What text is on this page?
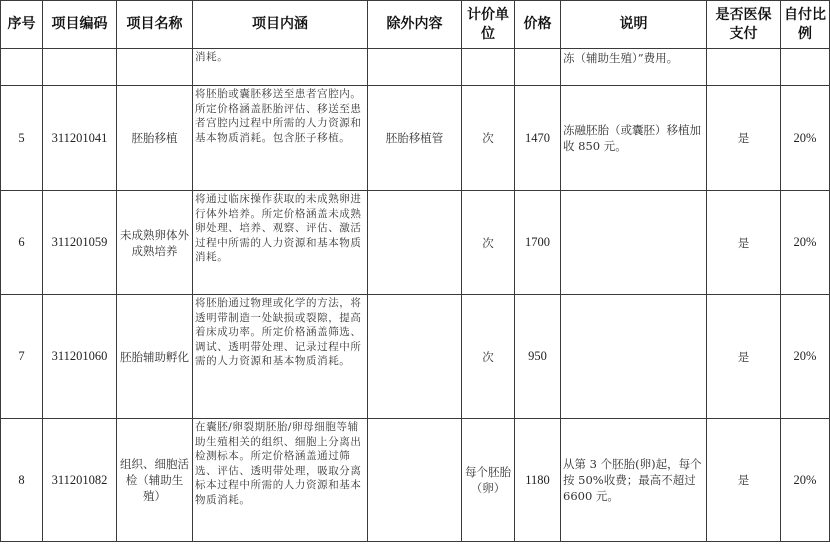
序号	项目编码	项目名称	项目内涵	除外内容	计价单位	价格	说明	是否医保支付	自付比例
			消耗。				冻（辅助生殖）”费用。		
5	311201041	胚胎移植	将胚胎或囊胚移送至患者宫腔内。所定价格涵盖胚胎评估、移送至患者宫腔内过程中所需的人力资源和基本物质消耗。包含胚子移植。	胚胎移植管	次	1470	冻融胚胎（或囊胚）移植加收 850 元。	是	20%
6	311201059	未成熟卵体外成熟培养	将通过临床操作获取的未成熟卵进行体外培养。所定价格涵盖未成熟卵处理、培养、观察、评估、激活过程中所需的人力资源和基本物质消耗。		次	1700		是	20%
7	311201060	胚胎辅助孵化	将胚胎通过物理或化学的方法，将透明带制造一处缺损或裂隙，提高着床成功率。所定价格涵盖筛选、调试、透明带处理、记录过程中所需的人力资源和基本物质消耗。		次	950		是	20%
8	311201082	组织、细胞活检（辅助生殖）	在囊胚/卵裂期胚胎/卵母细胞等辅助生殖相关的组织、细胞上分离出检测标本。所定价格涵盖通过筛选、评估、透明带处理，吸取分离标本过程中所需的人力资源和基本物质消耗。		每个胚胎（卵）	1180	从第 3 个胚胎(卵)起，每个按 50%收费；最高不超过 6600 元。	是	20%
